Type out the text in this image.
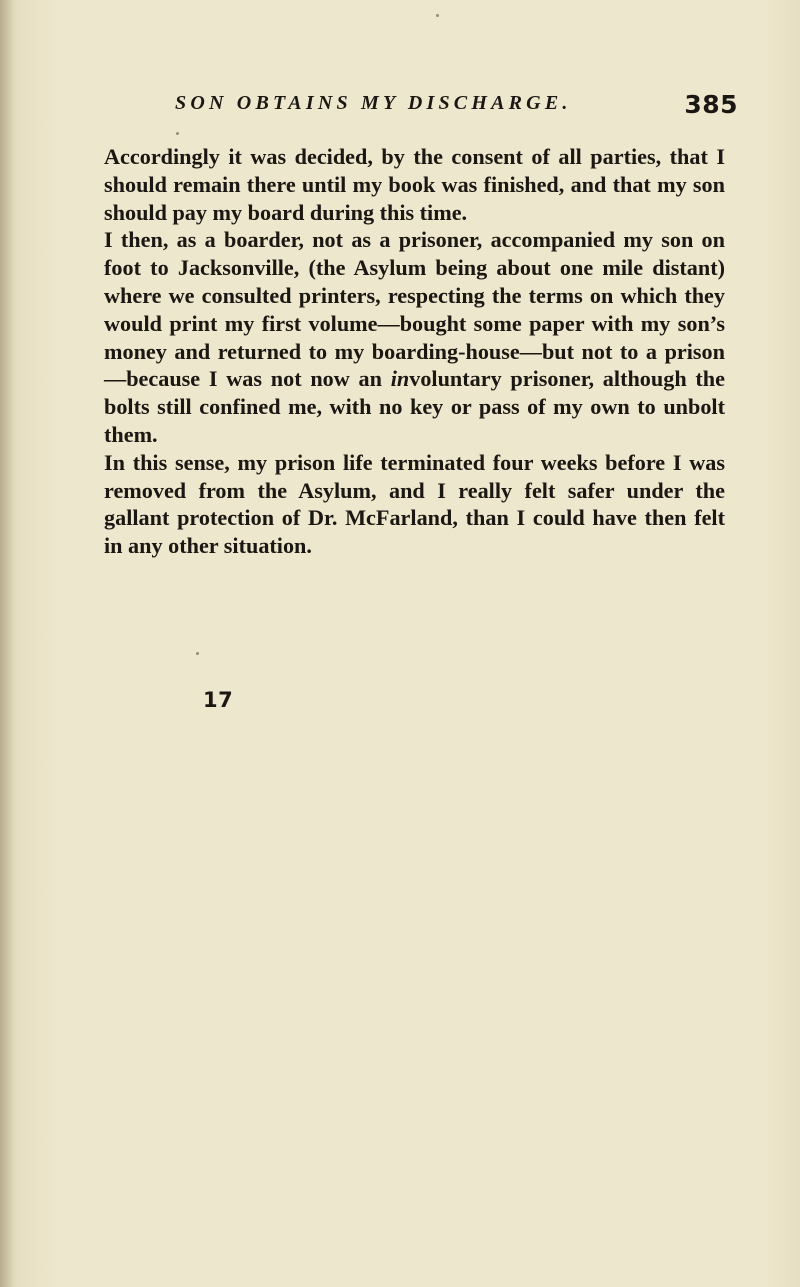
SON OBTAINS MY DISCHARGE.	385

Accordingly it was decided, by the consent of all parties, that I should remain there until my book was finished, and that my son should pay my board during this time.

I then, as a boarder, not as a prisoner, accompanied my son on foot to Jacksonville, (the Asylum being about one mile distant) where we consulted printers, respecting the terms on which they would print my first volume—bought some paper with my son’s money and returned to my boarding-house—but not to a prison—because I was not now an involuntary prisoner, although the bolts still confined me, with no key or pass of my own to unbolt them.

In this sense, my prison life terminated four weeks before I was removed from the Asylum, and I really felt safer under the gallant protection of Dr. McFarland, than I could have then felt in any other situation.

17
